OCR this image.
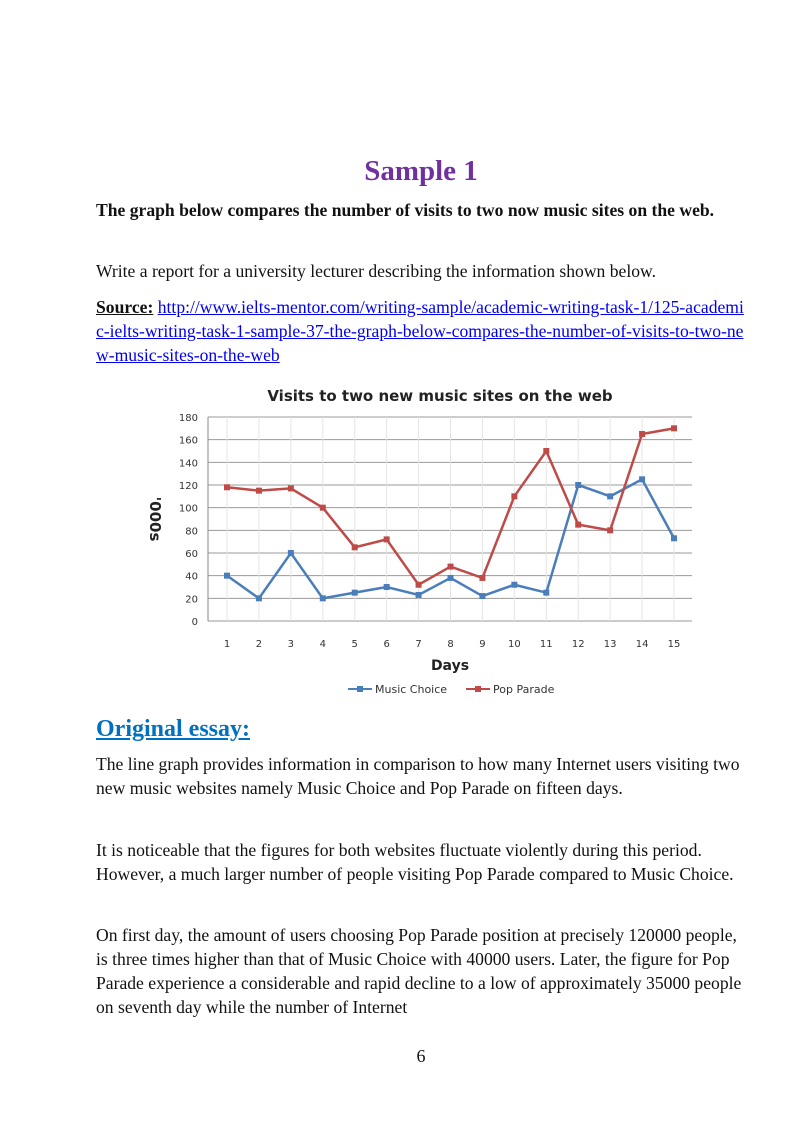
Sample 1
The graph below compares the number of visits to two now music sites on the web.
Write a report for a university lecturer describing the information shown below.
Source: http://www.ielts-mentor.com/writing-sample/academic-writing-task-1/125-academic-ielts-writing-task-1-sample-37-the-graph-below-compares-the-number-of-visits-to-two-new-music-sites-on-the-web
Visits to two new music sites on the web
0
20
40
60
80
100
120
140
160
180
1	2	3	4	5	6	7	8	9 10 11 12 13 14 15
Days
'000s
Music Choice	Pop Parade
Original essay:
The line graph provides information in comparison to how many Internet users visiting two new music websites namely Music Choice and Pop Parade on fifteen days.
It is noticeable that the figures for both websites fluctuate violently during this period. However, a much larger number of people visiting Pop Parade compared to Music Choice.
On first day, the amount of users choosing Pop Parade position at precisely 120000 people, is three times higher than that of Music Choice with 40000 users. Later, the figure for Pop Parade experience a considerable and rapid decline to a low of approximately 35000 people on seventh day while the number of Internet
6
